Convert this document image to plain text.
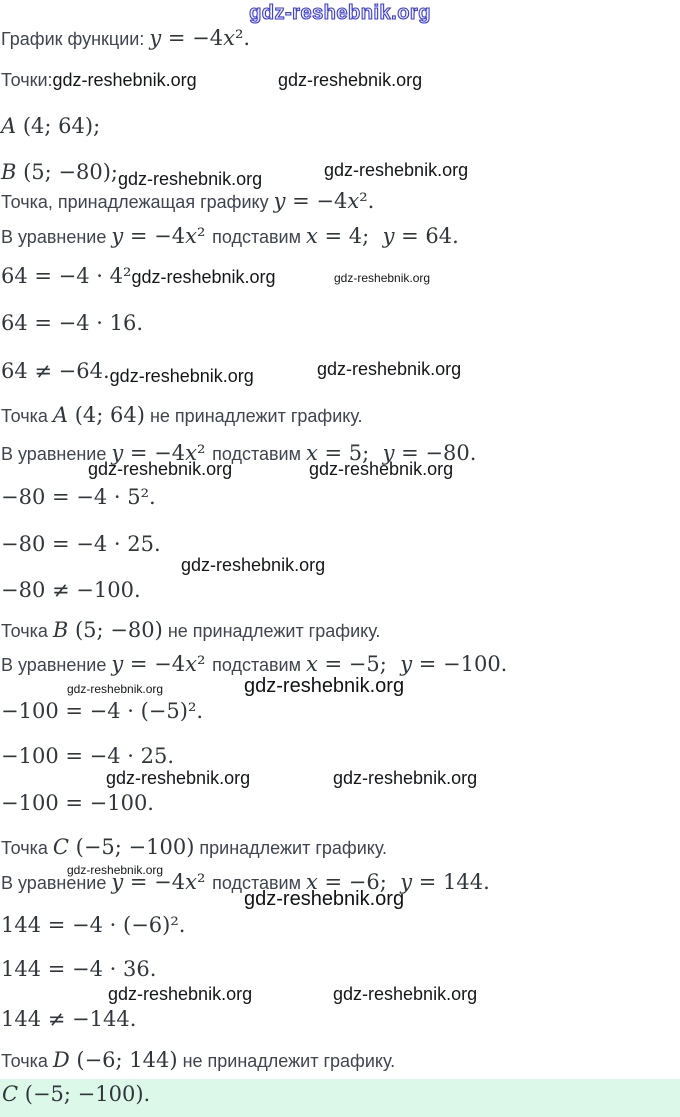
gdz-reshebnik.org
График функции: y = −4x².
Точки:gdz-reshebnik.org	gdz-reshebnik.org
A (4; 64);
B (5; −80);gdz-reshebnik.org	gdz-reshebnik.org
Точка, принадлежащая графику y = −4x².
В уравнение y = −4x² подставим x = 4;  y = 64.
64 = −4 · 4²gdz-reshebnik.org	gdz-reshebnik.org
64 = −4 · 16.
64 ≠ −64.gdz-reshebnik.org	gdz-reshebnik.org
Точка A (4; 64) не принадлежит графику.
В уравнение y = −4x² подставим x = 5;  y = −80.
gdz-reshebnik.org	gdz-reshebnik.org
−80 = −4 · 5².
−80 = −4 · 25.
gdz-reshebnik.org
−80 ≠ −100.
Точка B (5; −80) не принадлежит графику.
В уравнение y = −4x² подставим x = −5;  y = −100.
gdz-reshebnik.org	gdz-reshebnik.org
−100 = −4 · (−5)².
−100 = −4 · 25.
gdz-reshebnik.org	gdz-reshebnik.org
−100 = −100.
Точка C (−5; −100) принадлежит графику.
gdz-reshebnik.org
В уравнение y = −4x² подставим x = −6;  y = 144.
gdz-reshebnik.org
144 = −4 · (−6)².
144 = −4 · 36.
gdz-reshebnik.org	gdz-reshebnik.org
144 ≠ −144.
Точка D (−6; 144) не принадлежит графику.
C (−5; −100).
